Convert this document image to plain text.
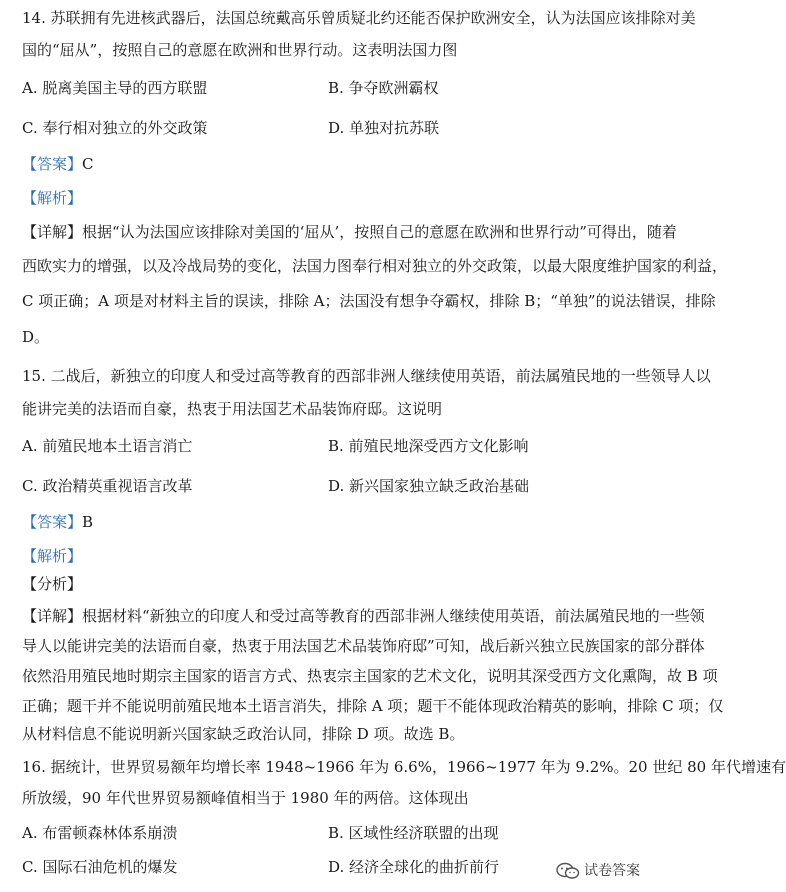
14. 苏联拥有先进核武器后，法国总统戴高乐曾质疑北约还能否保护欧洲安全，认为法国应该排除对美
国的“屈从”，按照自己的意愿在欧洲和世界行动。这表明法国力图
A. 脱离美国主导的西方联盟	B. 争夺欧洲霸权
C. 奉行相对独立的外交政策	D. 单独对抗苏联
【答案】C
【解析】
【详解】根据“认为法国应该排除对美国的‘屈从’，按照自己的意愿在欧洲和世界行动”可得出，随着
西欧实力的增强，以及冷战局势的变化，法国力图奉行相对独立的外交政策，以最大限度维护国家的利益，
C 项正确；A 项是对材料主旨的误读，排除 A；法国没有想争夺霸权，排除 B；“单独”的说法错误，排除
D。
15. 二战后，新独立的印度人和受过高等教育的西部非洲人继续使用英语，前法属殖民地的一些领导人以
能讲完美的法语而自豪，热衷于用法国艺术品装饰府邸。这说明
A. 前殖民地本土语言消亡	B. 前殖民地深受西方文化影响
C. 政治精英重视语言改革	D. 新兴国家独立缺乏政治基础
【答案】B
【解析】
【分析】
【详解】根据材料“新独立的印度人和受过高等教育的西部非洲人继续使用英语，前法属殖民地的一些领
导人以能讲完美的法语而自豪，热衷于用法国艺术品装饰府邸”可知，战后新兴独立民族国家的部分群体
依然沿用殖民地时期宗主国家的语言方式、热衷宗主国家的艺术文化，说明其深受西方文化熏陶，故 B 项
正确；题干并不能说明前殖民地本土语言消失，排除 A 项；题干不能体现政治精英的影响，排除 C 项；仅
从材料信息不能说明新兴国家缺乏政治认同，排除 D 项。故选 B。
16. 据统计，世界贸易额年均增长率 1948~1966 年为 6.6%，1966~1977 年为 9.2%。20 世纪 80 年代增速有
所放缓，90 年代世界贸易额峰值相当于 1980 年的两倍。这体现出
A. 布雷顿森林体系崩溃	B. 区域性经济联盟的出现
C. 国际石油危机的爆发	D. 经济全球化的曲折前行	试卷答案
